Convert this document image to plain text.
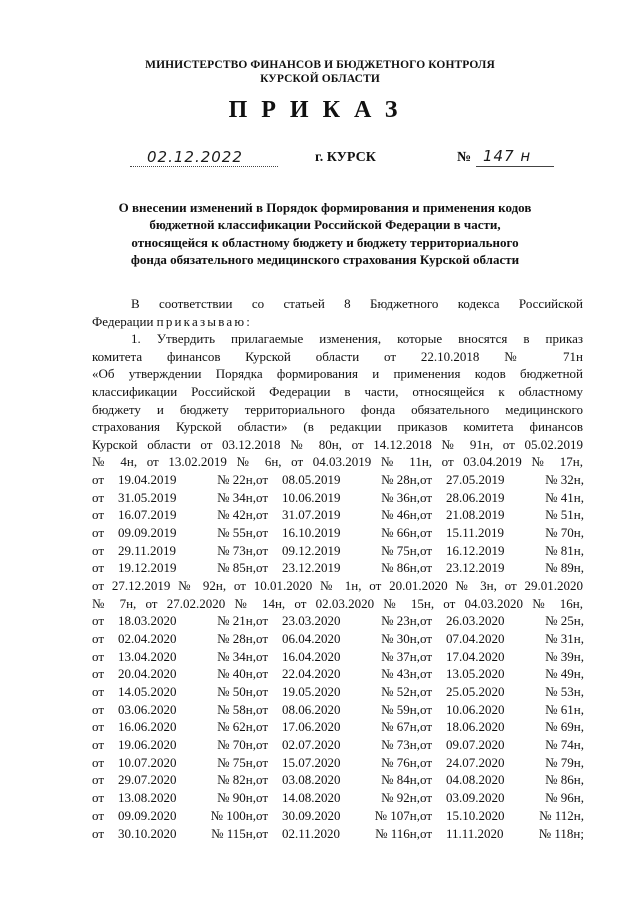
МИНИСТЕРСТВО ФИНАНСОВ И БЮДЖЕТНОГО КОНТРОЛЯ
КУРСКОЙ ОБЛАСТИ
ПРИКАЗ
02.12.2022	г. КУРСК	№ 147 н
О внесении изменений в Порядок формирования и применения кодов
бюджетной классификации Российской Федерации в части,
относящейся к областному бюджету и бюджету территориального
фонда обязательного медицинского страхования Курской области
В соответствии со статьей 8 Бюджетного кодекса Российской
Федерации приказываю:
1. Утвердить прилагаемые изменения, которые вносятся в приказ
комитета финансов Курской области от 22.10.2018 № 71н
«Об утверждении Порядка формирования и применения кодов бюджетной
классификации Российской Федерации в части, относящейся к областному
бюджету и бюджету территориального фонда обязательного медицинского
страхования Курской области» (в редакции приказов комитета финансов
Курской области от 03.12.2018 № 80н, от 14.12.2018 № 91н, от 05.02.2019
№ 4н, от 13.02.2019 № 6н, от 04.03.2019 № 11н, от 03.04.2019 № 17н,
от	19.04.2019	№ 22н,	от	08.05.2019	№ 28н,	от	27.05.2019	№ 32н,
от	31.05.2019	№ 34н,	от	10.06.2019	№ 36н,	от	28.06.2019	№ 41н,
от	16.07.2019	№ 42н,	от	31.07.2019	№ 46н,	от	21.08.2019	№ 51н,
от	09.09.2019	№ 55н,	от	16.10.2019	№ 66н,	от	15.11.2019	№ 70н,
от	29.11.2019	№ 73н,	от	09.12.2019	№ 75н,	от	16.12.2019	№ 81н,
от	19.12.2019	№ 85н,	от	23.12.2019	№ 86н,	от	23.12.2019	№ 89н,
от 27.12.2019 № 92н, от 10.01.2020 № 1н, от 20.01.2020 № 3н, от 29.01.2020
№ 7н, от 27.02.2020 № 14н, от 02.03.2020 № 15н, от 04.03.2020 № 16н,
от	18.03.2020	№ 21н,	от	23.03.2020	№ 23н,	от	26.03.2020	№ 25н,
от	02.04.2020	№ 28н,	от	06.04.2020	№ 30н,	от	07.04.2020	№ 31н,
от	13.04.2020	№ 34н,	от	16.04.2020	№ 37н,	от	17.04.2020	№ 39н,
от	20.04.2020	№ 40н,	от	22.04.2020	№ 43н,	от	13.05.2020	№ 49н,
от	14.05.2020	№ 50н,	от	19.05.2020	№ 52н,	от	25.05.2020	№ 53н,
от	03.06.2020	№ 58н,	от	08.06.2020	№ 59н,	от	10.06.2020	№ 61н,
от	16.06.2020	№ 62н,	от	17.06.2020	№ 67н,	от	18.06.2020	№ 69н,
от	19.06.2020	№ 70н,	от	02.07.2020	№ 73н,	от	09.07.2020	№ 74н,
от	10.07.2020	№ 75н,	от	15.07.2020	№ 76н,	от	24.07.2020	№ 79н,
от	29.07.2020	№ 82н,	от	03.08.2020	№ 84н,	от	04.08.2020	№ 86н,
от	13.08.2020	№ 90н,	от	14.08.2020	№ 92н,	от	03.09.2020	№ 96н,
от	09.09.2020	№ 100н,	от	30.09.2020	№ 107н,	от	15.10.2020	№ 112н,
от	30.10.2020	№ 115н,	от	02.11.2020	№ 116н,	от	11.11.2020	№ 118н;
